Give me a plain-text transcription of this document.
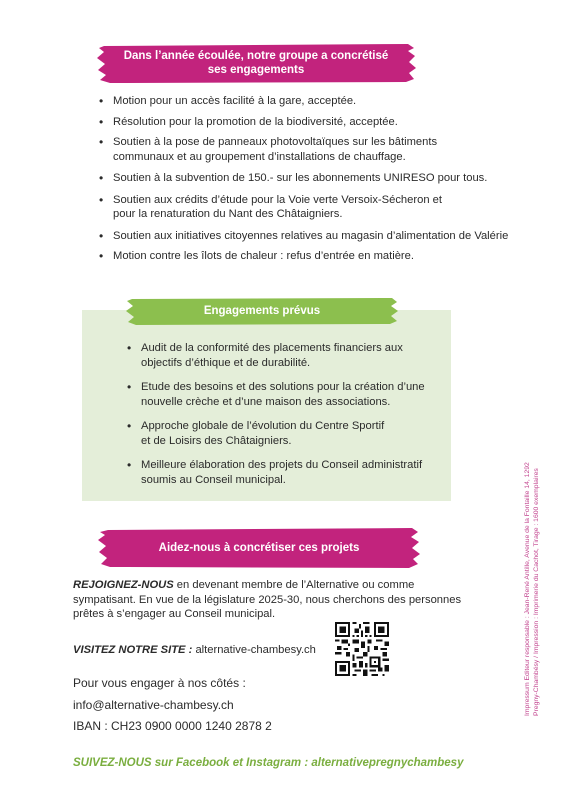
Dans l’année écoulée, notre groupe a concrétisé
ses engagements
• Motion pour un accès facilité à la gare, acceptée.
• Résolution pour la promotion de la biodiversité, acceptée.
• Soutien à la pose de panneaux photovoltaïques sur les bâtiments communaux et au groupement d’installations de chauffage.
• Soutien à la subvention de 150.- sur les abonnements UNIRESO pour tous.
• Soutien aux crédits d’étude pour la Voie verte Versoix-Sécheron et pour la renaturation du Nant des Châtaigniers.
• Soutien aux initiatives citoyennes relatives au magasin d’alimentation de Valérie
• Motion contre les îlots de chaleur : refus d’entrée en matière.
Engagements prévus
• Audit de la conformité des placements financiers aux objectifs d’éthique et de durabilité.
• Etude des besoins et des solutions pour la création d’une nouvelle crèche et d’une maison des associations.
• Approche globale de l’évolution du Centre Sportif et de Loisirs des Châtaigniers.
• Meilleure élaboration des projets du Conseil administratif soumis au Conseil municipal.
Aidez-nous à concrétiser ces projets
REJOIGNEZ-NOUS en devenant membre de l’Alternative ou comme sympatisant. En vue de la législature 2025-30, nous cherchons des personnes prêtes à s’engager au Conseil municipal.
VISITEZ NOTRE SITE : alternative-chambesy.ch
Pour vous engager à nos côtés :
info@alternative-chambesy.ch
IBAN : CH23 0900 0000 1240 2878 2
SUIVEZ-NOUS sur Facebook et Instagram : alternativepregnychambesy
Impressum Editeur responsable : Jean-René Antille, Avenue de la Fontaille 14, 1292 Pregny-Chambésy / Impression : Imprimerie du Cachot, Tirage : 1600 exemplaires
